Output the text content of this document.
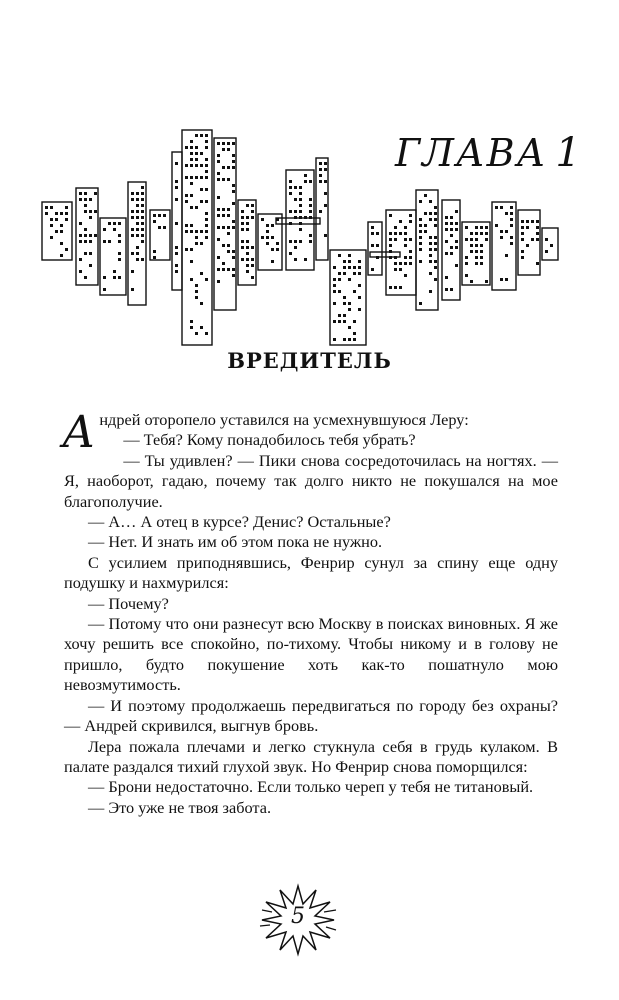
ГЛАВА 1
ВРЕДИТЕЛЬ

Андрей оторопело уставился на усмехнувшуюся Леру:

— Тебя? Кому понадобилось тебя убрать?

— Ты удивлен? — Пики снова сосредоточилась на ногтях. — Я, наоборот, гадаю, почему так долго никто не покушался на мое благополучие.

— А… А отец в курсе? Денис? Остальные?

— Нет. И знать им об этом пока не нужно.

С усилием приподнявшись, Фенрир сунул за спину еще одну подушку и нахмурился:

— Почему?

— Потому что они разнесут всю Москву в поисках виновных. Я же хочу решить все спокойно, по-тихому. Чтобы никому и в голову не пришло, будто покушение хоть как-то пошатнуло мою невозмутимость.

— И поэтому продолжаешь передвигаться по городу без охраны? — Андрей скривился, выгнув бровь.

Лера пожала плечами и легко стукнула себя в грудь кулаком. В палате раздался тихий глухой звук. Но Фенрир снова поморщился:

— Брони недостаточно. Если только череп у тебя не титановый.

— Это уже не твоя забота.

5
